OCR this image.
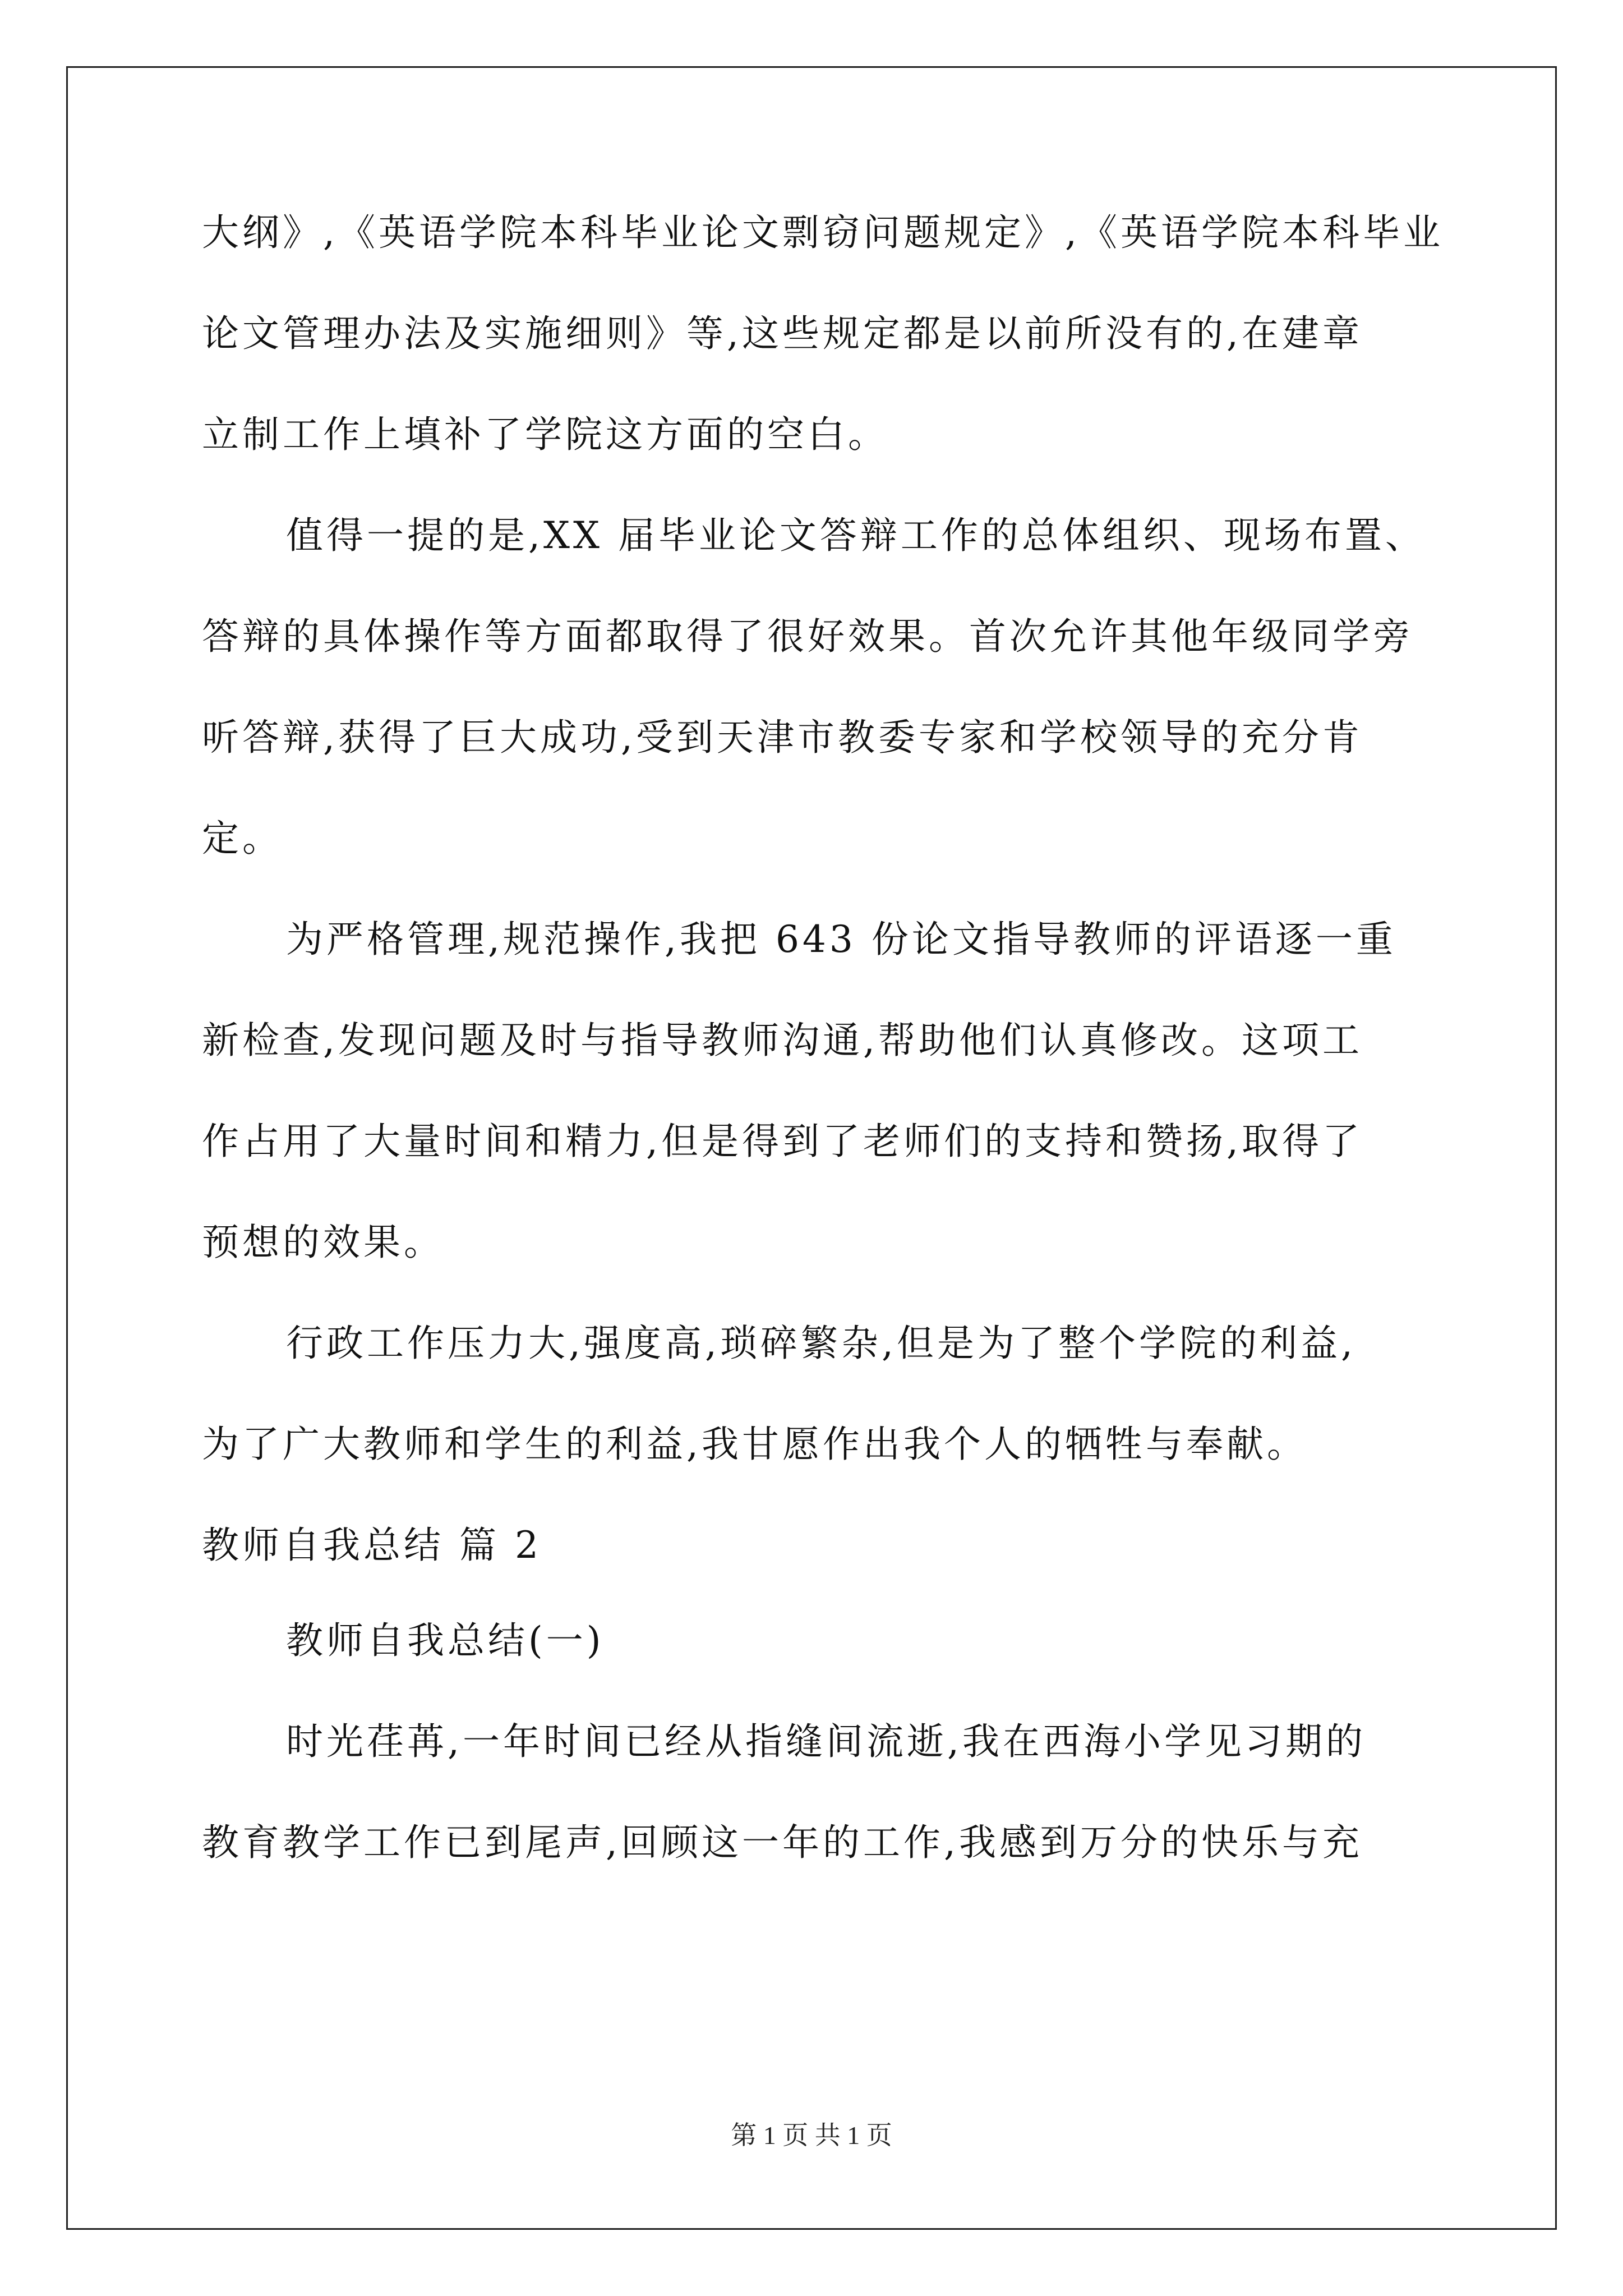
大纲》,《英语学院本科毕业论文剽窃问题规定》,《英语学院本科毕业
论文管理办法及实施细则》等,这些规定都是以前所没有的,在建章
立制工作上填补了学院这方面的空白。
值得一提的是,XX 届毕业论文答辩工作的总体组织、现场布置、
答辩的具体操作等方面都取得了很好效果。首次允许其他年级同学旁
听答辩,获得了巨大成功,受到天津市教委专家和学校领导的充分肯
定。
为严格管理,规范操作,我把 643 份论文指导教师的评语逐一重
新检查,发现问题及时与指导教师沟通,帮助他们认真修改。这项工
作占用了大量时间和精力,但是得到了老师们的支持和赞扬,取得了
预想的效果。
行政工作压力大,强度高,琐碎繁杂,但是为了整个学院的利益,
为了广大教师和学生的利益,我甘愿作出我个人的牺牲与奉献。
教师自我总结 篇 2
教师自我总结(一)
时光荏苒,一年时间已经从指缝间流逝,我在西海小学见习期的
教育教学工作已到尾声,回顾这一年的工作,我感到万分的快乐与充
第 1 页 共 1 页
